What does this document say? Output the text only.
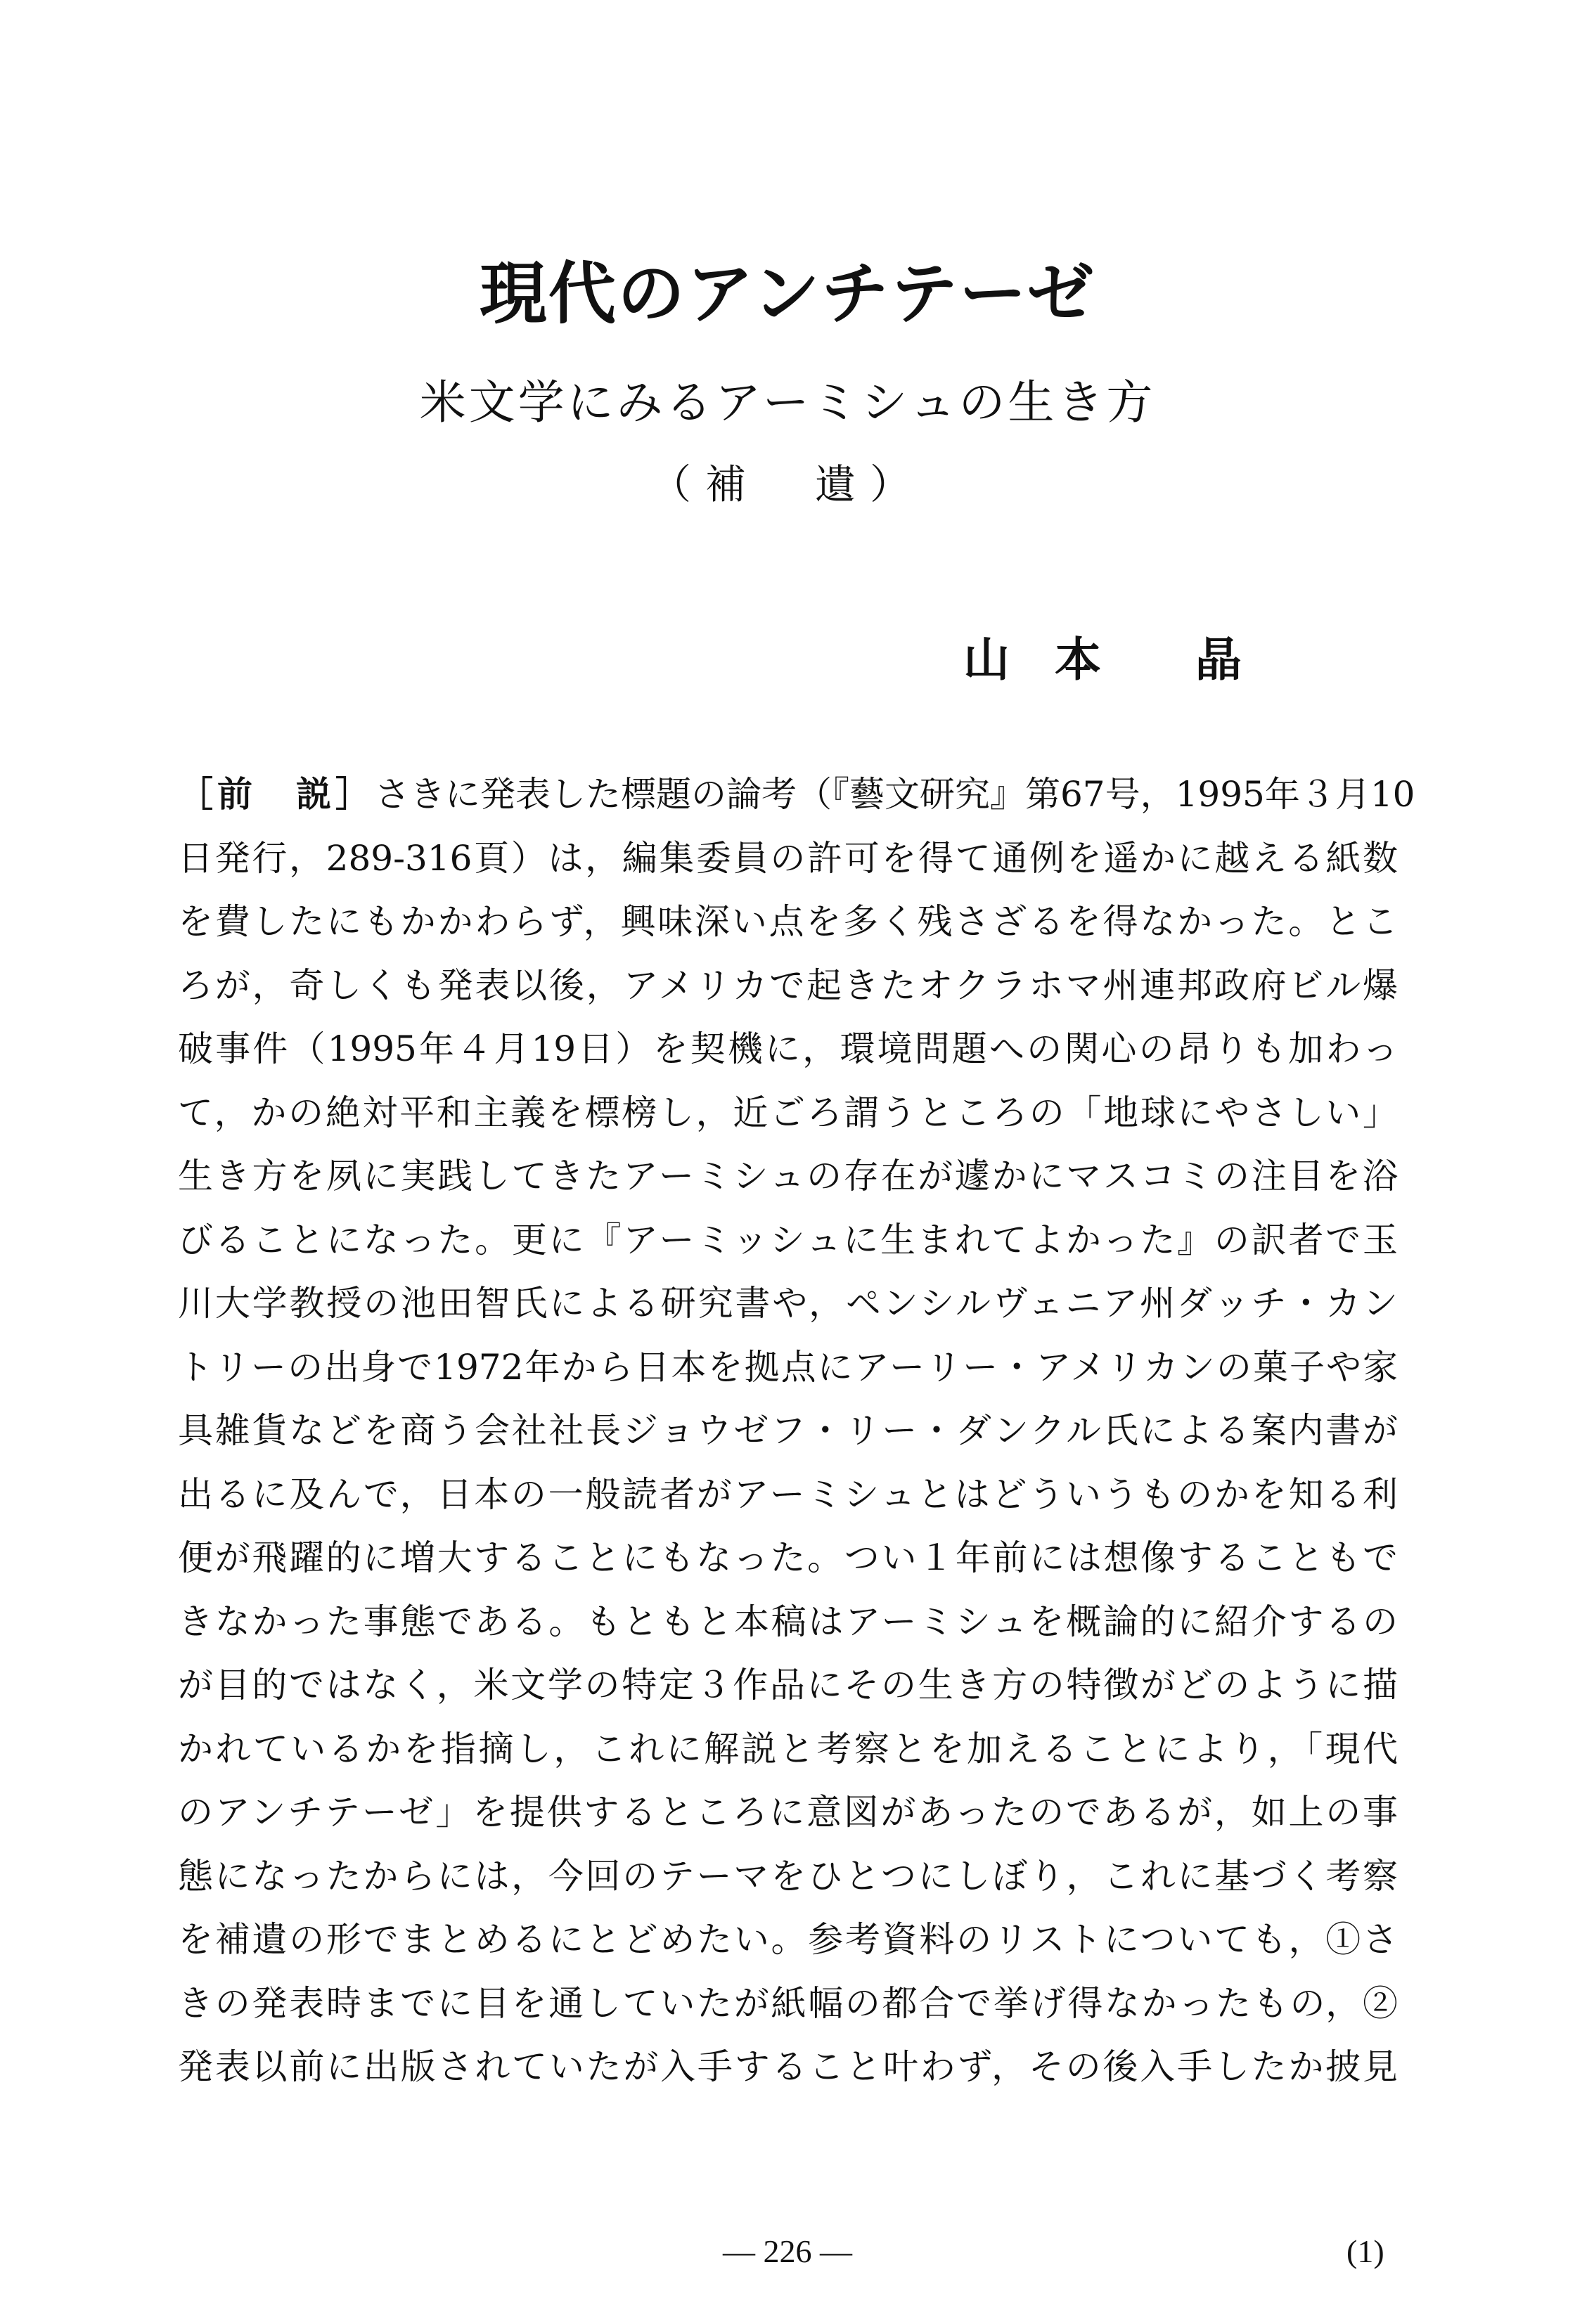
現代のアンチテーゼ
米文学にみるアーミシュの生き方
（補　遺）
山 本 晶
［前　説］さきに発表した標題の論考（『藝文研究』第67号，1995年３月10
日発行，289-316頁）は，編集委員の許可を得て通例を遥かに越える紙数
を費したにもかかわらず，興味深い点を多く残さざるを得なかった。とこ
ろが，奇しくも発表以後，アメリカで起きたオクラホマ州連邦政府ビル爆
破事件（1995年４月19日）を契機に，環境問題への関心の昂りも加わっ
て，かの絶対平和主義を標榜し，近ごろ謂うところの「地球にやさしい」
生き方を夙に実践してきたアーミシュの存在が遽かにマスコミの注目を浴
びることになった。更に『アーミッシュに生まれてよかった』の訳者で玉
川大学教授の池田智氏による研究書や，ペンシルヴェニア州ダッチ・カン
トリーの出身で1972年から日本を拠点にアーリー・アメリカンの菓子や家
具雑貨などを商う会社社長ジョウゼフ・リー・ダンクル氏による案内書が
出るに及んで，日本の一般読者がアーミシュとはどういうものかを知る利
便が飛躍的に増大することにもなった。つい１年前には想像することもで
きなかった事態である。もともと本稿はアーミシュを概論的に紹介するの
が目的ではなく，米文学の特定３作品にその生き方の特徴がどのように描
かれているかを指摘し，これに解説と考察とを加えることにより，「現代
のアンチテーゼ」を提供するところに意図があったのであるが，如上の事
態になったからには，今回のテーマをひとつにしぼり，これに基づく考察
を補遺の形でまとめるにとどめたい。参考資料のリストについても，①さ
きの発表時までに目を通していたが紙幅の都合で挙げ得なかったもの，②
発表以前に出版されていたが入手すること叶わず，その後入手したか披見
— 226 —	(1)
